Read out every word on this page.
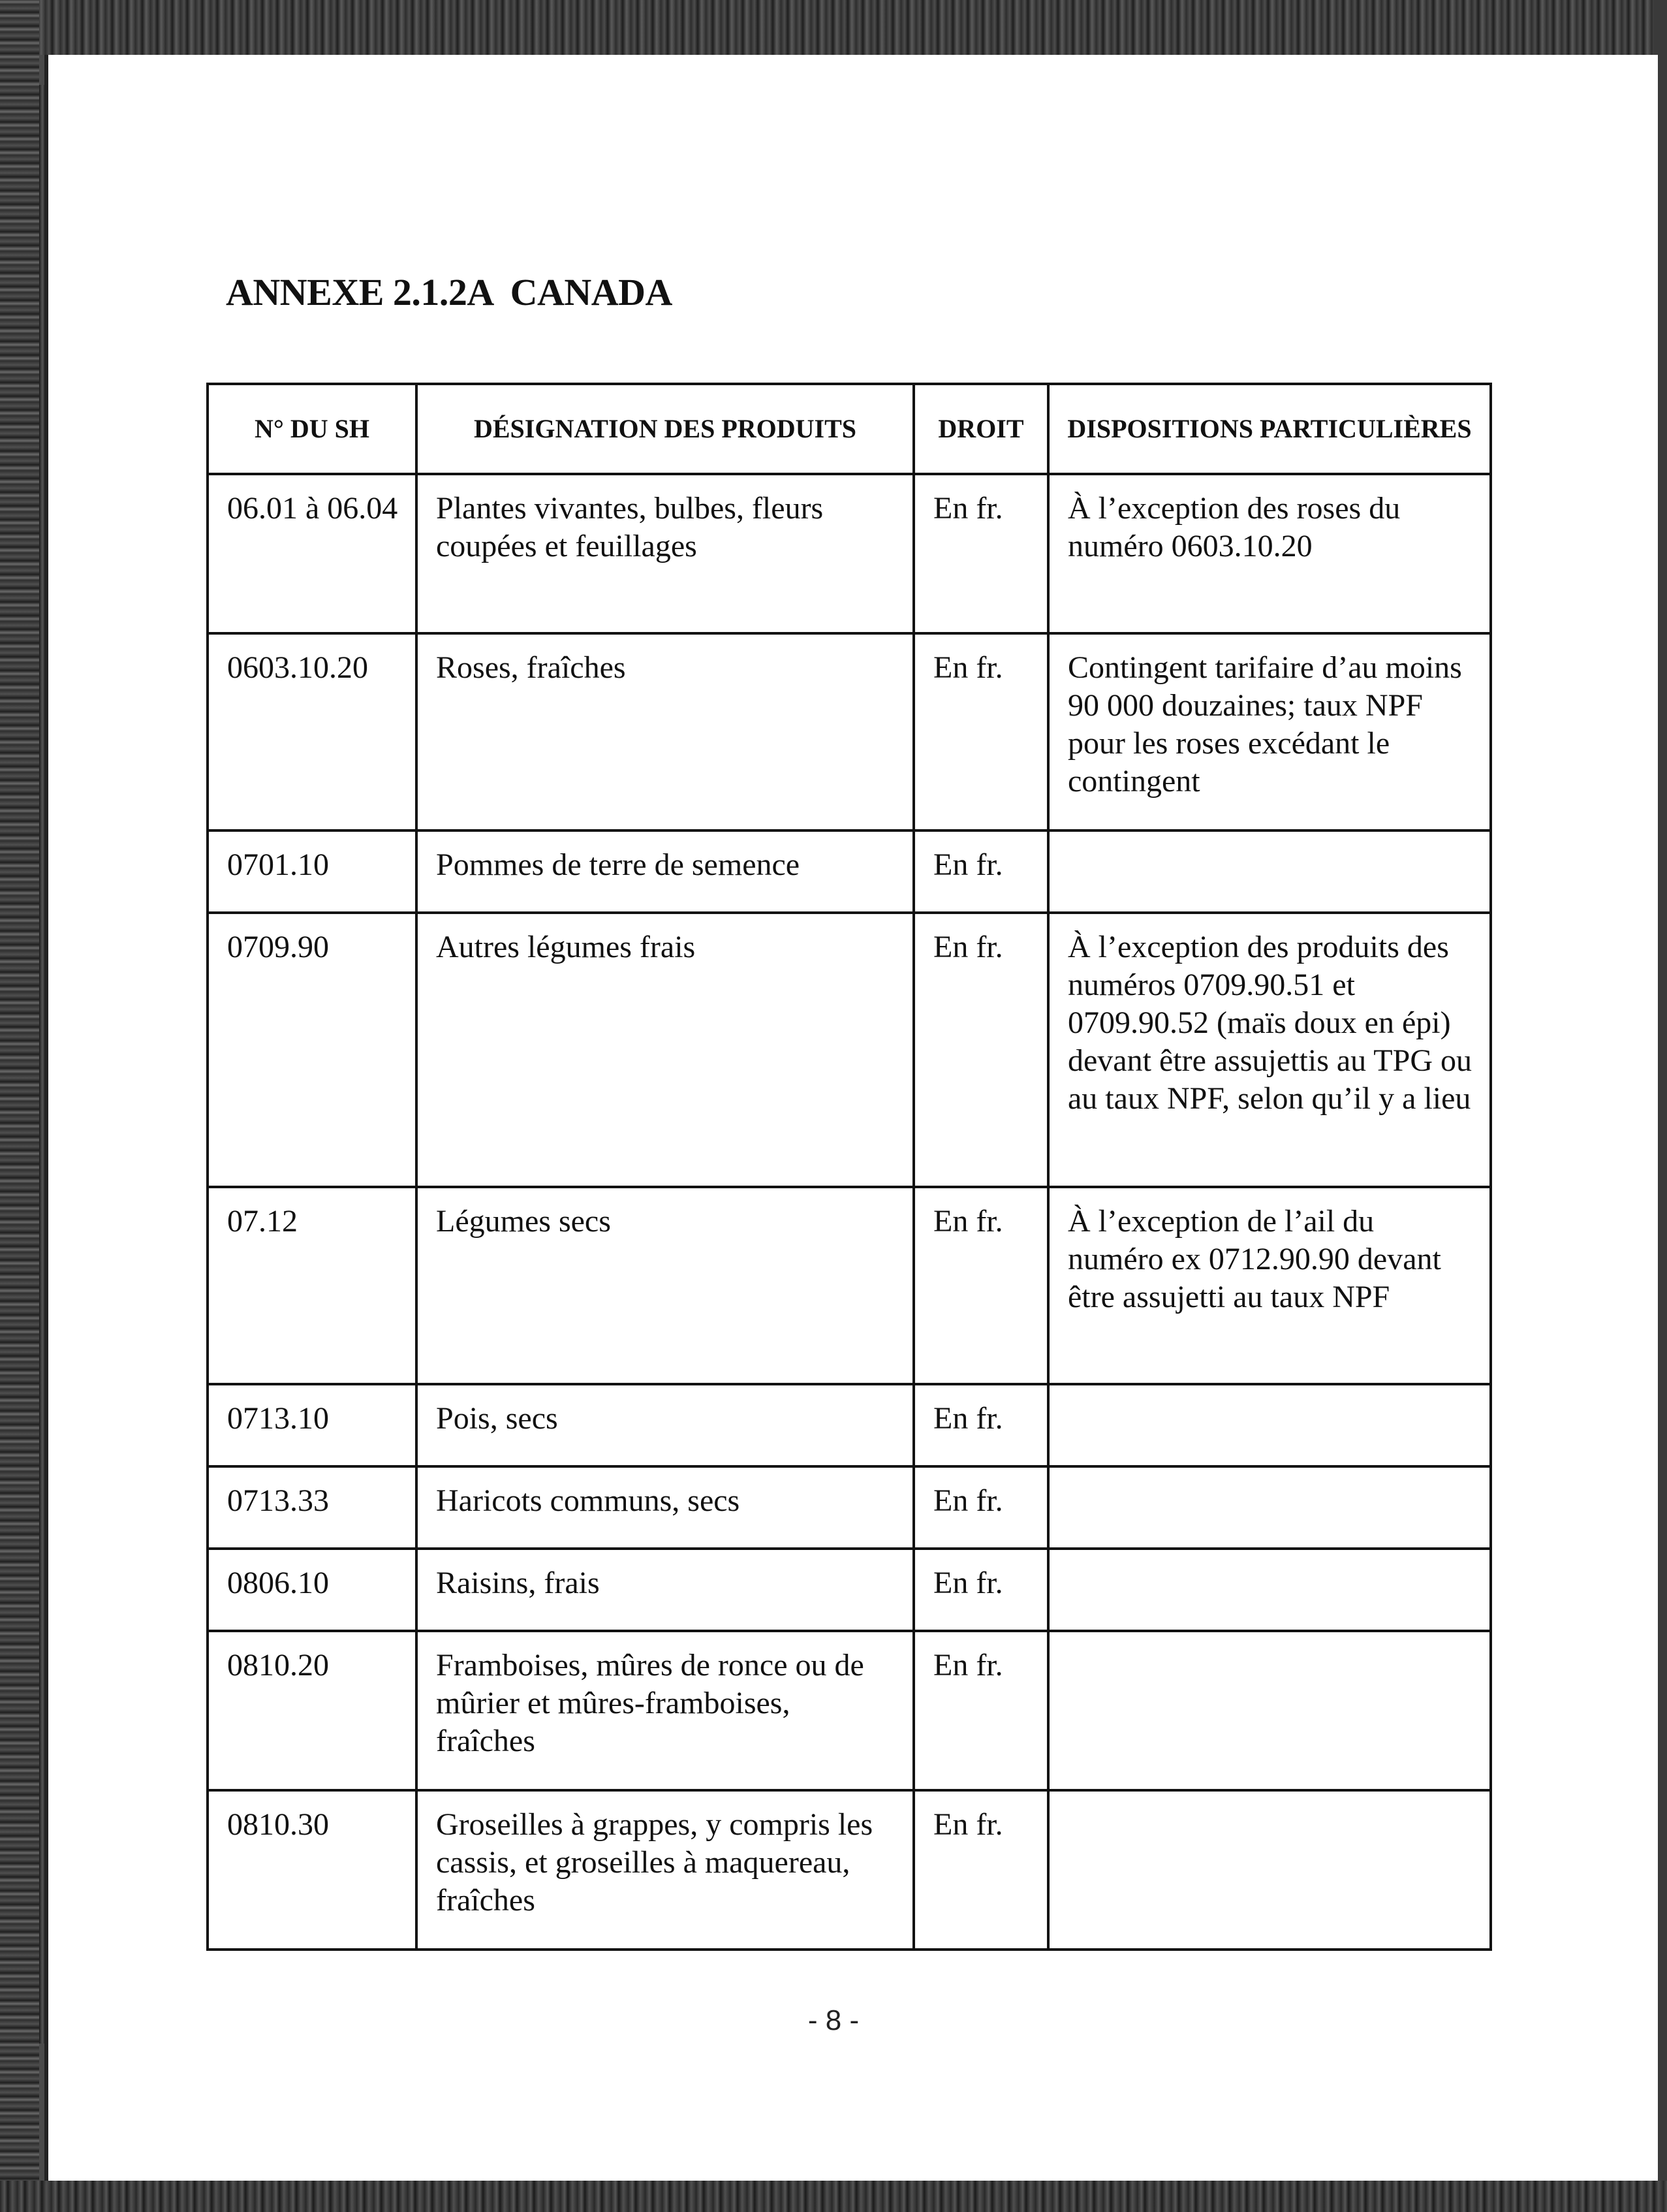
ANNEXE 2.1.2A  CANADA
N° DU SH	DÉSIGNATION DES PRODUITS	DROIT	DISPOSITIONS PARTICULIÈRES
06.01 à 06.04	Plantes vivantes, bulbes, fleurs coupées et feuillages	En fr.	À l’exception des roses du numéro 0603.10.20
0603.10.20	Roses, fraîches	En fr.	Contingent tarifaire d’au moins 90 000 douzaines; taux NPF pour les roses excédant le contingent
0701.10	Pommes de terre de semence	En fr.	
0709.90	Autres légumes frais	En fr.	À l’exception des produits des numéros 0709.90.51 et 0709.90.52 (maïs doux en épi) devant être assujettis au TPG ou au taux NPF, selon qu’il y a lieu
07.12	Légumes secs	En fr.	À l’exception de l’ail du numéro ex 0712.90.90 devant être assujetti au taux NPF
0713.10	Pois, secs	En fr.	
0713.33	Haricots communs, secs	En fr.	
0806.10	Raisins, frais	En fr.	
0810.20	Framboises, mûres de ronce ou de mûrier et mûres-framboises, fraîches	En fr.	
0810.30	Groseilles à grappes, y compris les cassis, et groseilles à maquereau, fraîches	En fr.	
- 8 -
